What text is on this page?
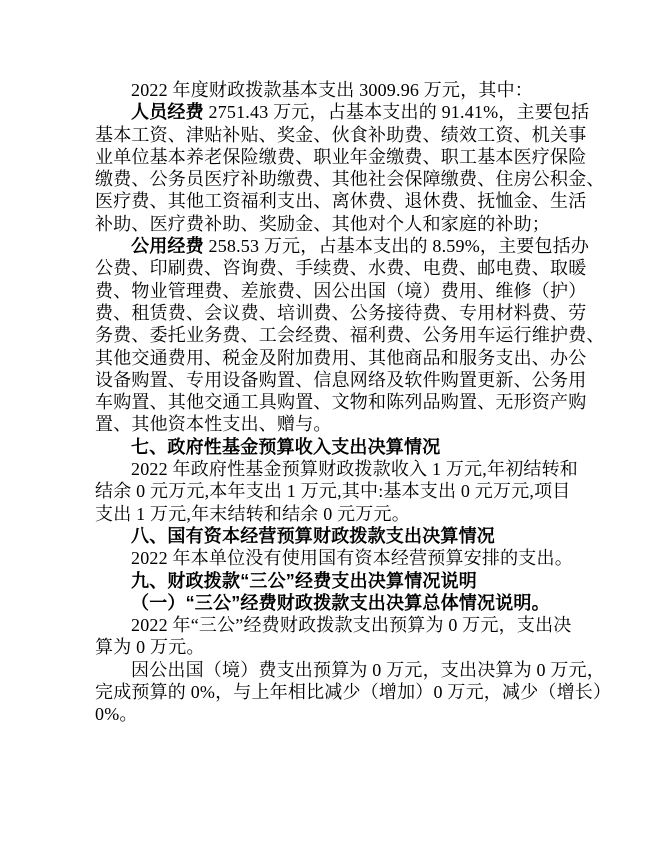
2022 年度财政拨款基本支出 3009.96 万元，其中：
人员经费 2751.43 万元，占基本支出的 91.41%，主要包括
基本工资、津贴补贴、奖金、伙食补助费、绩效工资、机关事
业单位基本养老保险缴费、职业年金缴费、职工基本医疗保险
缴费、公务员医疗补助缴费、其他社会保障缴费、住房公积金、
医疗费、其他工资福利支出、离休费、退休费、抚恤金、生活
补助、医疗费补助、奖励金、其他对个人和家庭的补助；
公用经费 258.53 万元，占基本支出的 8.59%，主要包括办
公费、印刷费、咨询费、手续费、水费、电费、邮电费、取暖
费、物业管理费、差旅费、因公出国（境）费用、维修（护）
费、租赁费、会议费、培训费、公务接待费、专用材料费、劳
务费、委托业务费、工会经费、福利费、公务用车运行维护费、
其他交通费用、税金及附加费用、其他商品和服务支出、办公
设备购置、专用设备购置、信息网络及软件购置更新、公务用
车购置、其他交通工具购置、文物和陈列品购置、无形资产购
置、其他资本性支出、赠与。
七、政府性基金预算收入支出决算情况
2022 年政府性基金预算财政拨款收入 1 万元,年初结转和
结余 0 元万元,本年支出 1 万元,其中:基本支出 0 元万元,项目
支出 1 万元,年末结转和结余 0 元万元。
八、国有资本经营预算财政拨款支出决算情况
2022 年本单位没有使用国有资本经营预算安排的支出。
九、财政拨款“三公”经费支出决算情况说明
（一）“三公”经费财政拨款支出决算总体情况说明。
2022 年“三公”经费财政拨款支出预算为 0 万元，支出决
算为 0 万元。
因公出国（境）费支出预算为 0 万元，支出决算为 0 万元，
完成预算的 0%，与上年相比减少（增加）0 万元，减少（增长）
0%。
